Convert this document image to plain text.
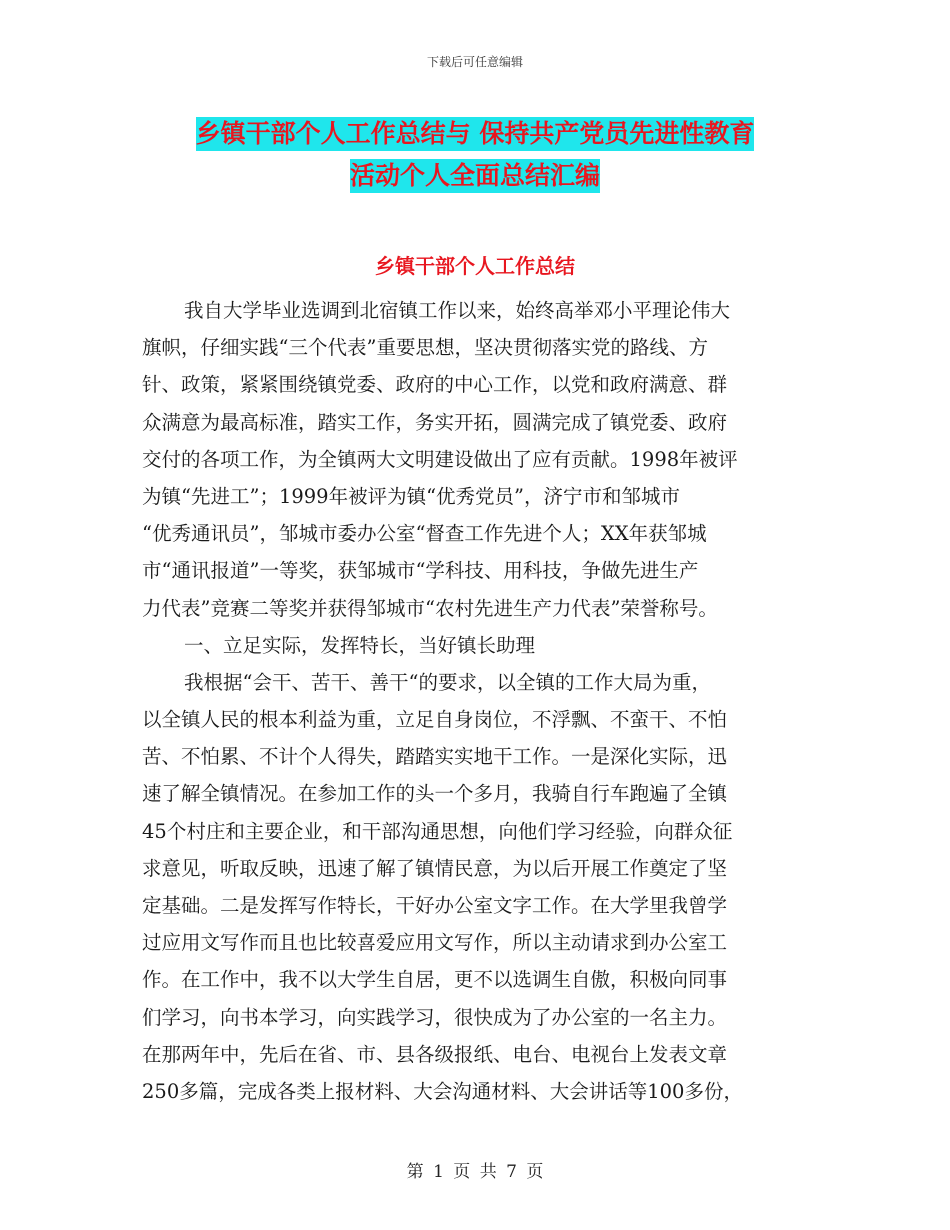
下载后可任意编辑
乡镇干部个人工作总结与 保持共产党员先进性教育
活动个人全面总结汇编
乡镇干部个人工作总结
我自大学毕业选调到北宿镇工作以来，始终高举邓小平理论伟大
旗帜，仔细实践“三个代表”重要思想，坚决贯彻落实党的路线、方
针、政策，紧紧围绕镇党委、政府的中心工作，以党和政府满意、群
众满意为最高标准，踏实工作，务实开拓，圆满完成了镇党委、政府
交付的各项工作，为全镇两大文明建设做出了应有贡献。1998年被评
为镇“先进工”；1999年被评为镇“优秀党员”，济宁市和邹城市
“优秀通讯员”，邹城市委办公室“督查工作先进个人；XX年获邹城
市“通讯报道”一等奖，获邹城市“学科技、用科技，争做先进生产
力代表”竞赛二等奖并获得邹城市“农村先进生产力代表”荣誉称号。
一、立足实际，发挥特长，当好镇长助理
我根据“会干、苦干、善干“的要求，以全镇的工作大局为重，
以全镇人民的根本利益为重，立足自身岗位，不浮飘、不蛮干、不怕
苦、不怕累、不计个人得失，踏踏实实地干工作。一是深化实际，迅
速了解全镇情况。在参加工作的头一个多月，我骑自行车跑遍了全镇
45个村庄和主要企业，和干部沟通思想，向他们学习经验，向群众征
求意见，听取反映，迅速了解了镇情民意，为以后开展工作奠定了坚
定基础。二是发挥写作特长，干好办公室文字工作。在大学里我曾学
过应用文写作而且也比较喜爱应用文写作，所以主动请求到办公室工
作。在工作中，我不以大学生自居，更不以选调生自傲，积极向同事
们学习，向书本学习，向实践学习，很快成为了办公室的一名主力。
在那两年中，先后在省、市、县各级报纸、电台、电视台上发表文章
250多篇，完成各类上报材料、大会沟通材料、大会讲话等100多份，
第 1 页 共 7 页
